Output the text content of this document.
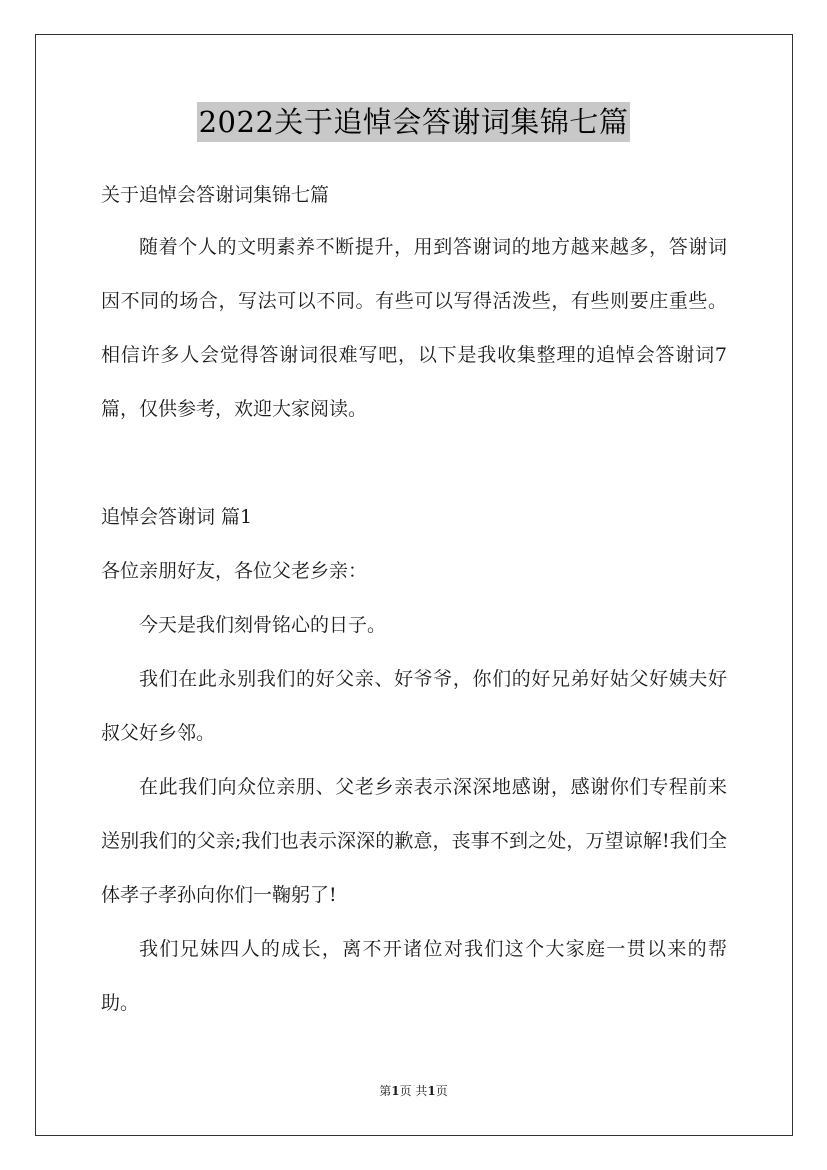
2022关于追悼会答谢词集锦七篇

关于追悼会答谢词集锦七篇

随着个人的文明素养不断提升，用到答谢词的地方越来越多，答谢词因不同的场合，写法可以不同。有些可以写得活泼些，有些则要庄重些。相信许多人会觉得答谢词很难写吧，以下是我收集整理的追悼会答谢词7篇，仅供参考，欢迎大家阅读。

追悼会答谢词 篇1

各位亲朋好友，各位父老乡亲：

今天是我们刻骨铭心的日子。

我们在此永别我们的好父亲、好爷爷，你们的好兄弟好姑父好姨夫好叔父好乡邻。

在此我们向众位亲朋、父老乡亲表示深深地感谢，感谢你们专程前来送别我们的父亲;我们也表示深深的歉意，丧事不到之处，万望谅解!我们全体孝子孝孙向你们一鞠躬了!

我们兄妹四人的成长，离不开诸位对我们这个大家庭一贯以来的帮助。

第1页 共1页
